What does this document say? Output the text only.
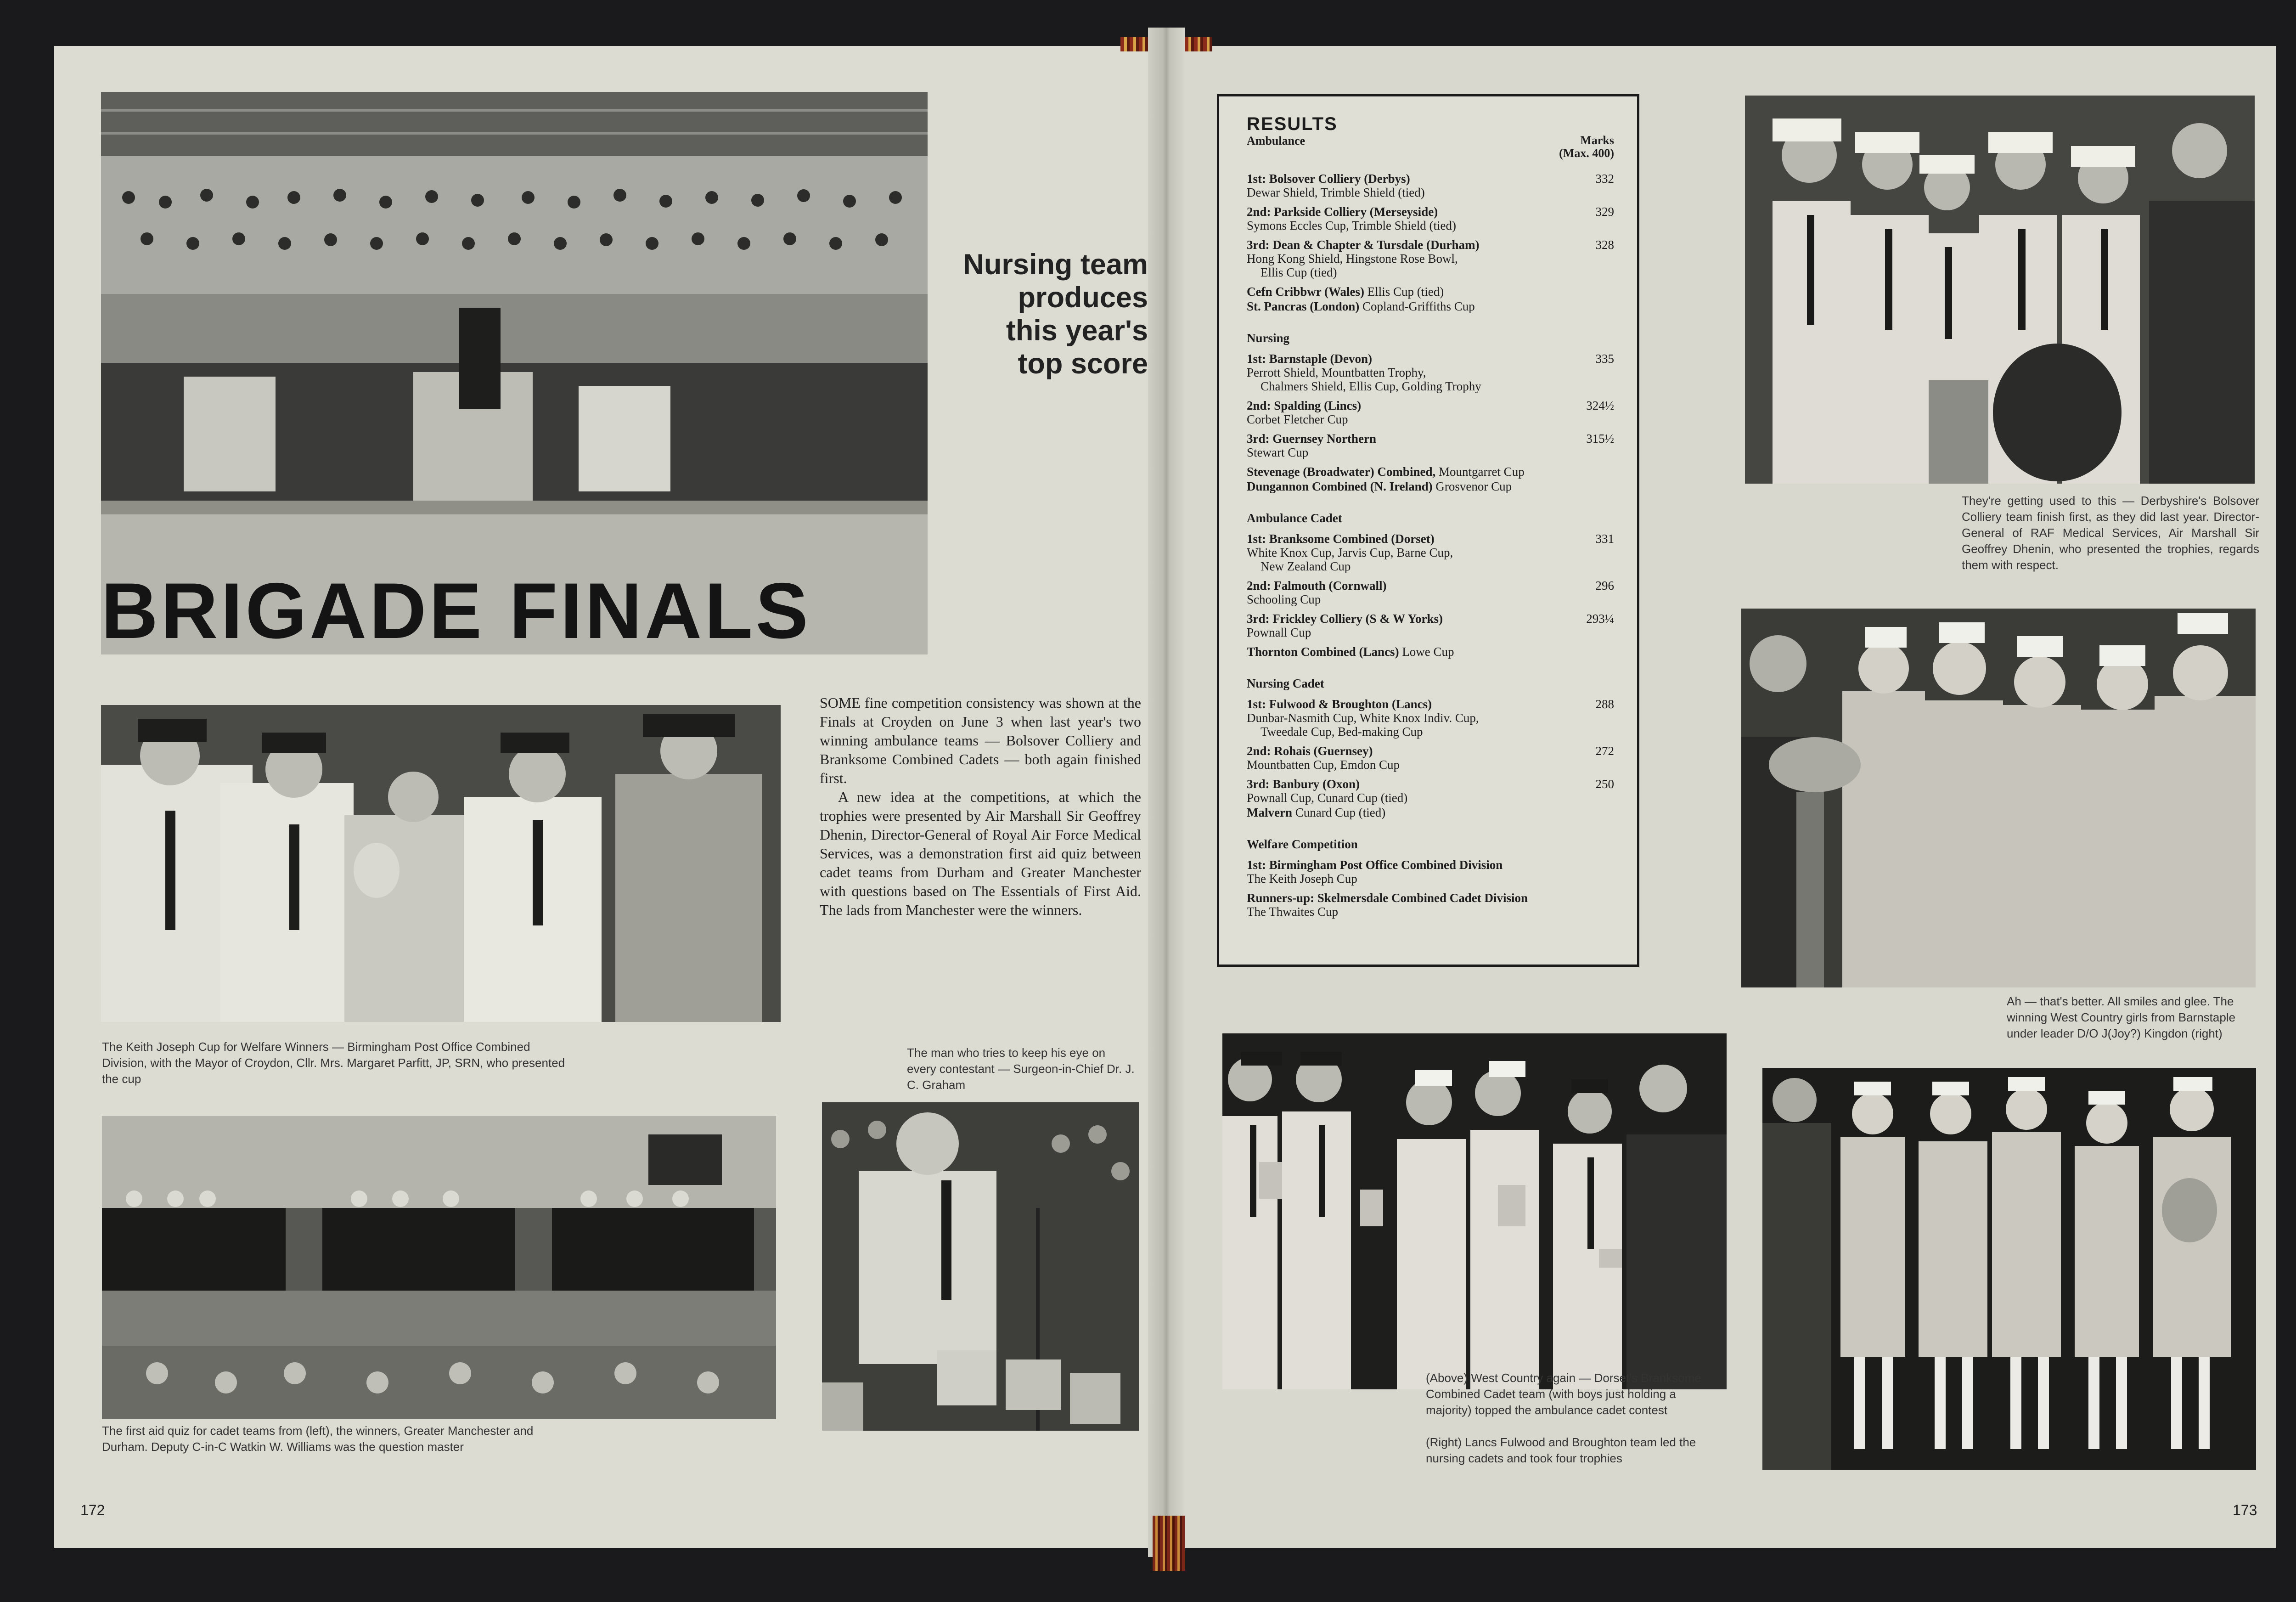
Nursing team
produces
this year's
top score
BRIGADE FINALS
The Keith Joseph Cup for Welfare Winners — Birmingham Post Office Combined Division, with the Mayor of Croydon, Cllr. Mrs. Margaret Parfitt, JP, SRN, who presented the cup

SOME fine competition consistency was shown at the Finals at Croyden on June 3 when last year's two winning ambulance teams — Bolsover Colliery and Branksome Combined Cadets — both again finished first.

A new idea at the competitions, at which the trophies were presented by Air Marshall Sir Geoffrey Dhenin, Director-General of Royal Air Force Medical Services, was a demonstration first aid quiz between cadet teams from Durham and Greater Manchester with questions based on The Essentials of First Aid. The lads from Manchester were the winners.

The man who tries to keep his eye on every contestant — Surgeon-in-Chief Dr. J. C. Graham
The first aid quiz for cadet teams from (left), the winners, Greater Manchester and Durham. Deputy C-in-C Watkin W. Williams was the question master
172
RESULTS
Ambulance	Marks
(Max. 400)
1st: Bolsover Colliery (Derbys)	332
Dewar Shield, Trimble Shield (tied)
2nd: Parkside Colliery (Merseyside)	329
Symons Eccles Cup, Trimble Shield (tied)
3rd: Dean & Chapter & Tursdale (Durham)	328
Hong Kong Shield, Hingstone Rose Bowl,
Ellis Cup (tied)
Cefn Cribbwr (Wales) Ellis Cup (tied)
St. Pancras (London) Copland-Griffiths Cup
Nursing
1st: Barnstaple (Devon)	335
Perrott Shield, Mountbatten Trophy,
Chalmers Shield, Ellis Cup, Golding Trophy
2nd: Spalding (Lincs)	324½
Corbet Fletcher Cup
3rd: Guernsey Northern	315½
Stewart Cup
Stevenage (Broadwater) Combined, Mountgarret Cup
Dungannon Combined (N. Ireland) Grosvenor Cup
Ambulance Cadet
1st: Branksome Combined (Dorset)	331
White Knox Cup, Jarvis Cup, Barne Cup,
New Zealand Cup
2nd: Falmouth (Cornwall)	296
Schooling Cup
3rd: Frickley Colliery (S & W Yorks)	293¼
Pownall Cup
Thornton Combined (Lancs) Lowe Cup
Nursing Cadet
1st: Fulwood & Broughton (Lancs)	288
Dunbar-Nasmith Cup, White Knox Indiv. Cup,
Tweedale Cup, Bed-making Cup
2nd: Rohais (Guernsey)	272
Mountbatten Cup, Emdon Cup
3rd: Banbury (Oxon)	250
Pownall Cup, Cunard Cup (tied)
Malvern Cunard Cup (tied)
Welfare Competition
1st: Birmingham Post Office Combined Division
The Keith Joseph Cup
Runners-up: Skelmersdale Combined Cadet Division
The Thwaites Cup
They're getting used to this — Derbyshire's Bolsover Colliery team finish first, as they did last year. Director-General of RAF Medical Services, Air Marshall Sir Geoffrey Dhenin, who presented the trophies, regards them with respect.
Ah — that's better. All smiles and glee. The winning West Country girls from Barnstaple under leader D/O J(Joy?) Kingdon (right)
(Above) West Country again — Dorset's Branksome Combined Cadet team (with boys just holding a majority) topped the ambulance cadet contest
(Right) Lancs Fulwood and Broughton team led the nursing cadets and took four trophies
173
